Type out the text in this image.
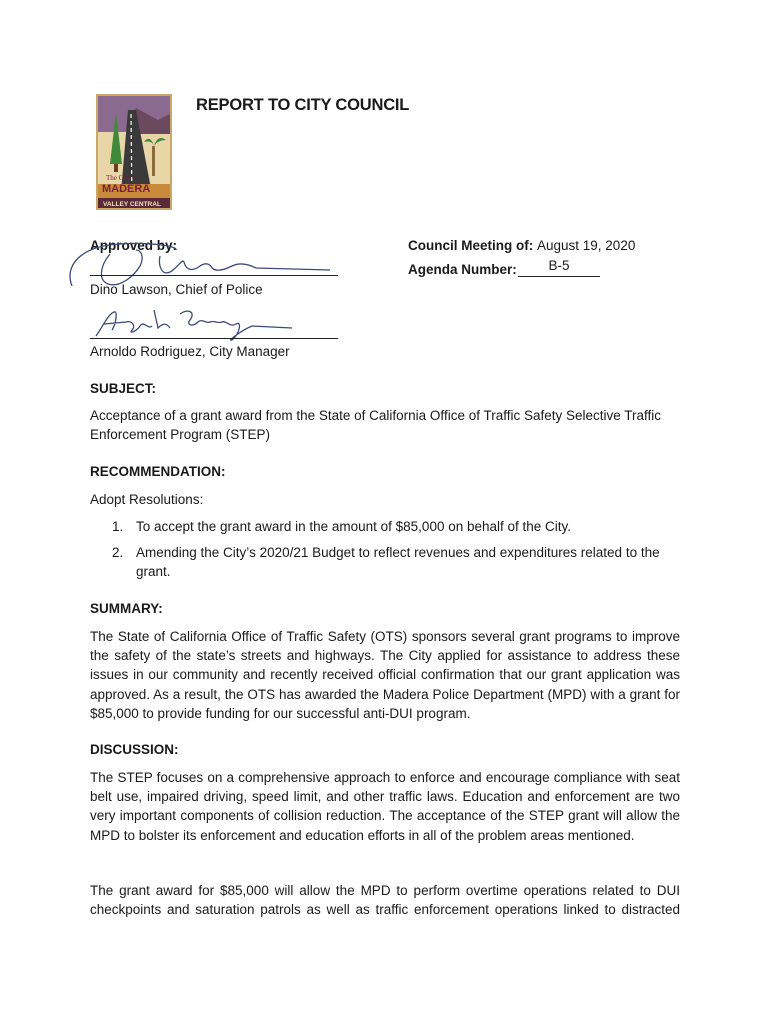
The City of
MADERA
VALLEY CENTRAL
REPORT TO CITY COUNCIL
Approved by:
Dino Lawson, Chief of Police
Arnoldo Rodriguez, City Manager
Council Meeting of: August 19, 2020
Agenda Number:	B-5
SUBJECT:

Acceptance of a grant award from the State of California Office of Traffic Safety Selective Traffic Enforcement Program (STEP)

RECOMMENDATION:
Adopt Resolutions:
1. To accept the grant award in the amount of $85,000 on behalf of the City.
2. Amending the City’s 2020/21 Budget to reflect revenues and expenditures related to the grant.
SUMMARY:

The State of California Office of Traffic Safety (OTS) sponsors several grant programs to improve the safety of the state’s streets and highways. The City applied for assistance to address these issues in our community and recently received official confirmation that our grant application was approved. As a result, the OTS has awarded the Madera Police Department (MPD) with a grant for $85,000 to provide funding for our successful anti-DUI program.

DISCUSSION:

The STEP focuses on a comprehensive approach to enforce and encourage compliance with seat belt use, impaired driving, speed limit, and other traffic laws. Education and enforcement are two very important components of collision reduction. The acceptance of the STEP grant will allow the MPD to bolster its enforcement and education efforts in all of the problem areas mentioned.

The grant award for $85,000 will allow the MPD to perform overtime operations related to DUI checkpoints and saturation patrols as well as traffic enforcement operations linked to distracted
